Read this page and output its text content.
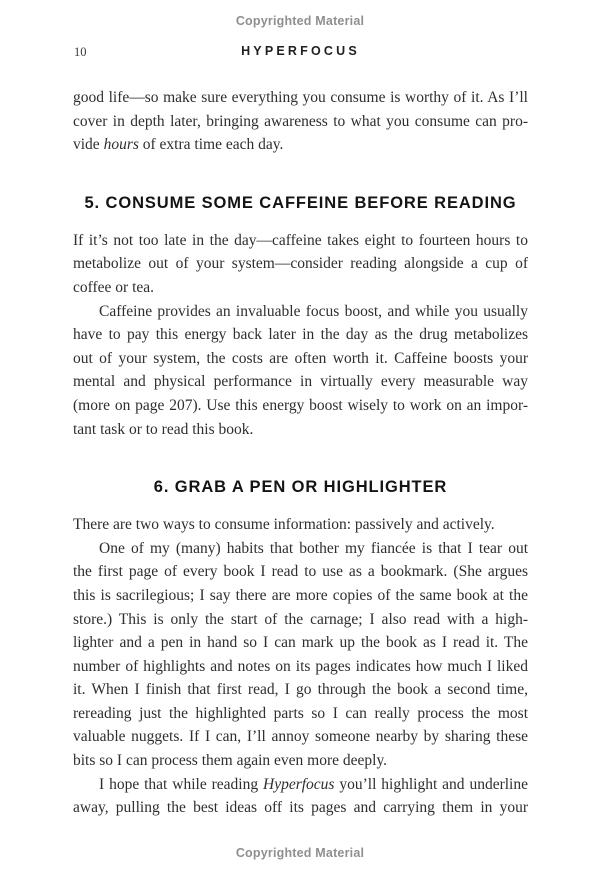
Copyrighted Material
10	HYPERFOCUS
good life—so make sure everything you consume is worthy of it. As I’ll
cover in depth later, bringing awareness to what you consume can pro-
vide hours of extra time each day.
5. CONSUME SOME CAFFEINE BEFORE READING
If it’s not too late in the day—caffeine takes eight to fourteen hours to
metabolize out of your system—consider reading alongside a cup of
coffee or tea.
Caffeine provides an invaluable focus boost, and while you usually
have to pay this energy back later in the day as the drug metabolizes
out of your system, the costs are often worth it. Caffeine boosts your
mental and physical performance in virtually every measurable way
(more on page 207). Use this energy boost wisely to work on an impor-
tant task or to read this book.
6. GRAB A PEN OR HIGHLIGHTER
There are two ways to consume information: passively and actively.
One of my (many) habits that bother my fiancée is that I tear out
the first page of every book I read to use as a bookmark. (She argues
this is sacrilegious; I say there are more copies of the same book at the
store.) This is only the start of the carnage; I also read with a high-
lighter and a pen in hand so I can mark up the book as I read it. The
number of highlights and notes on its pages indicates how much I liked
it. When I finish that first read, I go through the book a second time,
rereading just the highlighted parts so I can really process the most
valuable nuggets. If I can, I’ll annoy someone nearby by sharing these
bits so I can process them again even more deeply.
I hope that while reading Hyperfocus you’ll highlight and underline
away, pulling the best ideas off its pages and carrying them in your
Copyrighted Material
